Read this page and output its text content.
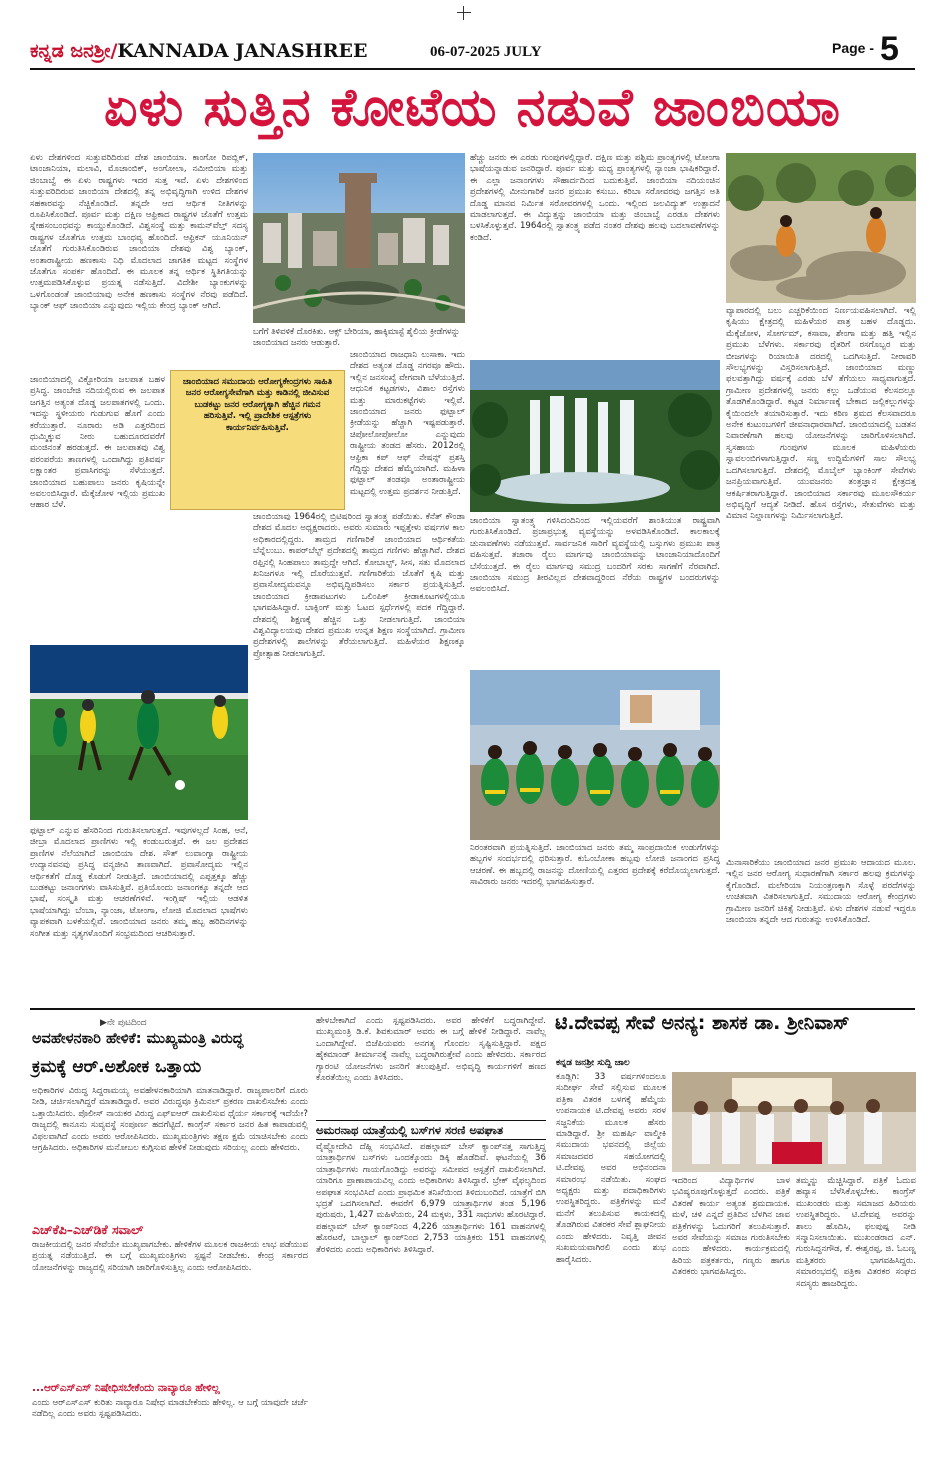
ಕನ್ನಡ ಜನಶ್ರೀ/KANNADA JANASHREE	06-07-2025 JULY	Page - 5
ಏಳು ಸುತ್ತಿನ ಕೋಟೆಯ ನಡುವೆ ಜಾಂಬಿಯಾ
ಏಳು ದೇಶಗಳಿಂದ ಸುತ್ತುವರಿದಿರುವ ದೇಶ ಜಾಂಬಿಯಾ. ಕಾಂಗೋ ರಿಪಬ್ಲಿಕ್, ಟಾಂಜಾನಿಯಾ, ಮಲಾವಿ, ಮೊಜಾಂಬಿಕ್, ಅಂಗೋಲಾ, ನಮೀಬಿಯಾ ಮತ್ತು ಜಿಂಬಾಬ್ವೆ ಈ ಏಳು ರಾಷ್ಟ್ರಗಳು ಇದರ ಸುತ್ತ ಇವೆ. ಏಳು ದೇಶಗಳಿಂದ ಸುತ್ತುವರಿದಿರುವ ಜಾಂಬಿಯಾ ದೇಶದಲ್ಲಿ ತನ್ನ ಅಭಿವೃದ್ಧಿಗಾಗಿ ಉಳಿದ ದೇಶಗಳ ಸಹಕಾರವನ್ನು ನೆಚ್ಚಿಕೊಂಡಿದೆ. ತನ್ನದೇ ಆದ ಆರ್ಥಿಕ ನೀತಿಗಳನ್ನು ರೂಪಿಸಿಕೊಂಡಿದೆ. ಪೂರ್ವ ಮತ್ತು ದಕ್ಷಿಣ ಆಫ್ರಿಕಾದ ರಾಷ್ಟ್ರಗಳ ಜೊತೆಗೆ ಉತ್ತಮ ಸ್ನೇಹಸಂಬಂಧವನ್ನು ಕಾಯ್ದುಕೊಂಡಿದೆ. ವಿಶ್ವಸಂಸ್ಥೆ ಮತ್ತು ಕಾಮನ್‌ವೆಲ್ತ್ ಸದಸ್ಯ ರಾಷ್ಟ್ರಗಳ ಜೊತೆಗೂ ಉತ್ತಮ ಬಾಂಧವ್ಯ ಹೊಂದಿದೆ. ಆಫ್ರಿಕನ್ ಯೂನಿಯನ್ ಜೊತೆಗೆ ಗುರುತಿಸಿಕೊಂಡಿರುವ ಜಾಂಬಿಯಾ ದೇಶವು ವಿಶ್ವ ಬ್ಯಾಂಕ್, ಅಂತಾರಾಷ್ಟ್ರೀಯ ಹಣಕಾಸು ನಿಧಿ ಮೊದಲಾದ ಜಾಗತಿಕ ಮಟ್ಟದ ಸಂಸ್ಥೆಗಳ ಜೊತೆಗೂ ಸಂಪರ್ಕ ಹೊಂದಿದೆ. ಈ ಮೂಲಕ ತನ್ನ ಆರ್ಥಿಕ ಸ್ಥಿತಿಗತಿಯನ್ನು ಉತ್ತಮಪಡಿಸಿಕೊಳ್ಳುವ ಪ್ರಯತ್ನ ನಡೆಸುತ್ತಿದೆ. ವಿದೇಶೀ ಬ್ಯಾಂಕುಗಳನ್ನು ಒಳಗೊಂಡಂತೆ ಜಾಂಬಿಯಾವು ಅನೇಕ ಹಣಕಾಸು ಸಂಸ್ಥೆಗಳ ನೆರವು ಪಡೆದಿದೆ. ಬ್ಯಾಂಕ್ ಆಫ್ ಜಾಂಬಿಯಾ ಎನ್ನುವುದು ಇಲ್ಲಿಯ ಕೇಂದ್ರ ಬ್ಯಾಂಕ್ ಆಗಿದೆ.
ಜಾಂಬಿಯಾದಲ್ಲಿ ವಿಕ್ಟೋರಿಯಾ ಜಲಪಾತ ಬಹಳ ಪ್ರಸಿದ್ಧ. ಜಾಂಬೇಜಿ ನದಿಯಲ್ಲಿರುವ ಈ ಜಲಪಾತ ಜಗತ್ತಿನ ಅತ್ಯಂತ ದೊಡ್ಡ ಜಲಪಾತಗಳಲ್ಲಿ ಒಂದು. ಇದನ್ನು ಸ್ಥಳೀಯರು ಗುಡುಗುವ ಹೊಗೆ ಎಂದು ಕರೆಯುತ್ತಾರೆ. ನೂರಾರು ಅಡಿ ಎತ್ತರದಿಂದ ಧುಮ್ಮಿಕ್ಕುವ ನೀರು ಬಹುದೂರದವರೆಗೆ ಮಂಜಿನಂತೆ ಹರಡುತ್ತದೆ. ಈ ಜಲಪಾತವು ವಿಶ್ವ ಪರಂಪರೆಯ ತಾಣಗಳಲ್ಲಿ ಒಂದಾಗಿದ್ದು ಪ್ರತಿವರ್ಷ ಲಕ್ಷಾಂತರ ಪ್ರವಾಸಿಗರನ್ನು ಸೆಳೆಯುತ್ತದೆ. ಜಾಂಬಿಯಾದ ಬಹುಪಾಲು ಜನರು ಕೃಷಿಯನ್ನೇ ಅವಲಂಬಿಸಿದ್ದಾರೆ. ಮೆಕ್ಕೆಜೋಳ ಇಲ್ಲಿಯ ಪ್ರಮುಖ ಆಹಾರ ಬೆಳೆ.
ಜಾಂಬಿಯಾದ ಸಮುದಾಯ ಆರೋಗ್ಯಕೇಂದ್ರಗಳು ಸಾಹಿತಿ ಜನರ ಆರೋಗ್ಯಸೇವೆಗಾಗಿ ಮತ್ತು ಕಾಡಿನಲ್ಲಿ ಜೀವಿಸುವ ಬುಡಕಟ್ಟು ಜನರ ಆರೋಗ್ಯಕ್ಕಾಗಿ ಹೆಚ್ಚಿನ ಗಮನ ಹರಿಸುತ್ತಿವೆ. ಇಲ್ಲಿ ಪ್ರಾದೇಶಿಕ ಆಸ್ಪತ್ರೆಗಳು ಕಾರ್ಯನಿರ್ವಹಿಸುತ್ತಿವೆ.
ಫುಟ್ಬಾಲ್ ಎನ್ನುವ ಹೆಸರಿನಿಂದ ಗುರುತಿಸಲಾಗುತ್ತದೆ. ಇವುಗಳಲ್ಲದೆ ಸಿಂಹ, ಆನೆ, ಜೀಬ್ರಾ ಮೊದಲಾದ ಪ್ರಾಣಿಗಳು ಇಲ್ಲಿ ಕಂಡುಬರುತ್ತವೆ. ಈ ಜಲ ಪ್ರದೇಶದ ಪ್ರಾಣಿಗಳ ನೆಲೆಯಾಗಿದೆ ಜಾಂಬಿಯಾ ದೇಶ. ಸೌತ್ ಲುವಾಂಗ್ವಾ ರಾಷ್ಟ್ರೀಯ ಉದ್ಯಾನವನವು ಪ್ರಸಿದ್ಧ ವನ್ಯಜೀವಿ ತಾಣವಾಗಿದೆ. ಪ್ರವಾಸೋದ್ಯಮ ಇಲ್ಲಿನ ಆರ್ಥಿಕತೆಗೆ ದೊಡ್ಡ ಕೊಡುಗೆ ನೀಡುತ್ತಿದೆ. ಜಾಂಬಿಯಾದಲ್ಲಿ ಎಪ್ಪತ್ತಕ್ಕೂ ಹೆಚ್ಚು ಬುಡಕಟ್ಟು ಜನಾಂಗಗಳು ವಾಸಿಸುತ್ತಿವೆ. ಪ್ರತಿಯೊಂದು ಜನಾಂಗಕ್ಕೂ ತನ್ನದೇ ಆದ ಭಾಷೆ, ಸಂಸ್ಕೃತಿ ಮತ್ತು ಆಚರಣೆಗಳಿವೆ. ಇಂಗ್ಲಿಷ್ ಇಲ್ಲಿಯ ಆಡಳಿತ ಭಾಷೆಯಾಗಿದ್ದು ಬೆಂಬಾ, ನ್ಯಾಂಜಾ, ಟೋಂಗಾ, ಲೋಜಿ ಮೊದಲಾದ ಭಾಷೆಗಳು ವ್ಯಾಪಕವಾಗಿ ಬಳಕೆಯಲ್ಲಿವೆ. ಜಾಂಬಿಯಾದ ಜನರು ತಮ್ಮ ಹಬ್ಬ ಹರಿದಿನಗಳನ್ನು ಸಂಗೀತ ಮತ್ತು ನೃತ್ಯಗಳೊಂದಿಗೆ ಸಂಭ್ರಮದಿಂದ ಆಚರಿಸುತ್ತಾರೆ.
ಬಗೆಗೆ ತಿಳಿವಳಿಕೆ ದೊರಕಿತು. ಆಕ್ಸ್ ಬೇರಿಯಾ, ಹಾಕ್ಕಿಮಾಸ್ಟೆ ಶೈಲಿಯ ಕ್ರೀಡೆಗಳನ್ನು ಜಾಂಬಿಯಾದ ಜನರು ಆಡುತ್ತಾರೆ.
ಜಾಂಬಿಯಾದ ರಾಜಧಾನಿ ಲುಸಾಕಾ. ಇದು ದೇಶದ ಅತ್ಯಂತ ದೊಡ್ಡ ನಗರವೂ ಹೌದು. ಇಲ್ಲಿನ ಜನಸಂಖ್ಯೆ ವೇಗವಾಗಿ ಬೆಳೆಯುತ್ತಿದೆ. ಆಧುನಿಕ ಕಟ್ಟಡಗಳು, ವಿಶಾಲ ರಸ್ತೆಗಳು ಮತ್ತು ಮಾರುಕಟ್ಟೆಗಳು ಇಲ್ಲಿವೆ. ಜಾಂಬಿಯಾದ ಜನರು ಫುಟ್ಬಾಲ್ ಕ್ರೀಡೆಯನ್ನು ಹೆಚ್ಚಾಗಿ ಇಷ್ಟಪಡುತ್ತಾರೆ. ಚಿಪೋಲೋಪೋಲೋ ಎನ್ನುವುದು ರಾಷ್ಟ್ರೀಯ ತಂಡದ ಹೆಸರು. 2012ರಲ್ಲಿ ಆಫ್ರಿಕಾ ಕಪ್ ಆಫ್ ನೇಷನ್ಸ್ ಪ್ರಶಸ್ತಿ ಗೆದ್ದಿದ್ದು ದೇಶದ ಹೆಮ್ಮೆಯಾಗಿದೆ. ಮಹಿಳಾ ಫುಟ್ಬಾಲ್ ತಂಡವೂ ಅಂತಾರಾಷ್ಟ್ರೀಯ ಮಟ್ಟದಲ್ಲಿ ಉತ್ತಮ ಪ್ರದರ್ಶನ ನೀಡುತ್ತಿದೆ.
ಜಾಂಬಿಯಾವು 1964ರಲ್ಲಿ ಬ್ರಿಟಿಷರಿಂದ ಸ್ವಾತಂತ್ರ್ಯ ಪಡೆಯಿತು. ಕೆನೆತ್ ಕೌಂಡಾ ದೇಶದ ಮೊದಲ ಅಧ್ಯಕ್ಷರಾದರು. ಅವರು ಸುಮಾರು ಇಪ್ಪತ್ತೇಳು ವರ್ಷಗಳ ಕಾಲ ಅಧಿಕಾರದಲ್ಲಿದ್ದರು. ತಾಮ್ರದ ಗಣಿಗಾರಿಕೆ ಜಾಂಬಿಯಾದ ಆರ್ಥಿಕತೆಯ ಬೆನ್ನೆಲುಬು. ಕಾಪರ್‌ಬೆಲ್ಟ್ ಪ್ರದೇಶದಲ್ಲಿ ತಾಮ್ರದ ಗಣಿಗಳು ಹೆಚ್ಚಾಗಿವೆ. ದೇಶದ ರಫ್ತಿನಲ್ಲಿ ಸಿಂಹಪಾಲು ತಾಮ್ರದ್ದೇ ಆಗಿದೆ. ಕೋಬಾಲ್ಟ್, ಸೀಸ, ಸತು ಮೊದಲಾದ ಖನಿಜಗಳೂ ಇಲ್ಲಿ ದೊರೆಯುತ್ತವೆ. ಗಣಿಗಾರಿಕೆಯ ಜೊತೆಗೆ ಕೃಷಿ ಮತ್ತು ಪ್ರವಾಸೋದ್ಯಮವನ್ನೂ ಅಭಿವೃದ್ಧಿಪಡಿಸಲು ಸರ್ಕಾರ ಪ್ರಯತ್ನಿಸುತ್ತಿದೆ. ಜಾಂಬಿಯಾದ ಕ್ರೀಡಾಪಟುಗಳು ಒಲಿಂಪಿಕ್ ಕ್ರೀಡಾಕೂಟಗಳಲ್ಲಿಯೂ ಭಾಗವಹಿಸಿದ್ದಾರೆ. ಬಾಕ್ಸಿಂಗ್ ಮತ್ತು ಓಟದ ಸ್ಪರ್ಧೆಗಳಲ್ಲಿ ಪದಕ ಗೆದ್ದಿದ್ದಾರೆ. ದೇಶದಲ್ಲಿ ಶಿಕ್ಷಣಕ್ಕೆ ಹೆಚ್ಚಿನ ಒತ್ತು ನೀಡಲಾಗುತ್ತಿದೆ. ಜಾಂಬಿಯಾ ವಿಶ್ವವಿದ್ಯಾಲಯವು ದೇಶದ ಪ್ರಮುಖ ಉನ್ನತ ಶಿಕ್ಷಣ ಸಂಸ್ಥೆಯಾಗಿದೆ. ಗ್ರಾಮೀಣ ಪ್ರದೇಶಗಳಲ್ಲಿ ಶಾಲೆಗಳನ್ನು ತೆರೆಯಲಾಗುತ್ತಿದೆ. ಮಹಿಳೆಯರ ಶಿಕ್ಷಣಕ್ಕೂ ಪ್ರೋತ್ಸಾಹ ನೀಡಲಾಗುತ್ತಿದೆ.
ಹೆಚ್ಚು ಜನರು ಈ ಎರಡು ಗುಂಪುಗಳಲ್ಲಿದ್ದಾರೆ. ದಕ್ಷಿಣ ಮತ್ತು ಪಶ್ಚಿಮ ಪ್ರಾಂತ್ಯಗಳಲ್ಲಿ ಟೋಂಗಾ ಭಾಷೆಯನ್ನಾಡುವ ಜನರಿದ್ದಾರೆ. ಪೂರ್ವ ಮತ್ತು ಮಧ್ಯ ಪ್ರಾಂತ್ಯಗಳಲ್ಲಿ ನ್ಯಾಂಜಾ ಭಾಷಿಕರಿದ್ದಾರೆ. ಈ ಎಲ್ಲಾ ಜನಾಂಗಗಳು ಸೌಹಾರ್ದದಿಂದ ಬದುಕುತ್ತಿವೆ. ಜಾಂಬಿಯಾ ನದಿಯಂಚಿನ ಪ್ರದೇಶಗಳಲ್ಲಿ ಮೀನುಗಾರಿಕೆ ಜನರ ಪ್ರಮುಖ ಕಸುಬು. ಕರಿಬಾ ಸರೋವರವು ಜಗತ್ತಿನ ಅತಿ ದೊಡ್ಡ ಮಾನವ ನಿರ್ಮಿತ ಸರೋವರಗಳಲ್ಲಿ ಒಂದು. ಇಲ್ಲಿಂದ ಜಲವಿದ್ಯುತ್ ಉತ್ಪಾದನೆ ಮಾಡಲಾಗುತ್ತದೆ. ಈ ವಿದ್ಯುತ್ತನ್ನು ಜಾಂಬಿಯಾ ಮತ್ತು ಜಿಂಬಾಬ್ವೆ ಎರಡೂ ದೇಶಗಳು ಬಳಸಿಕೊಳ್ಳುತ್ತವೆ. 1964ರಲ್ಲಿ ಸ್ವಾತಂತ್ರ್ಯ ಪಡೆದ ನಂತರ ದೇಶವು ಹಲವು ಬದಲಾವಣೆಗಳನ್ನು ಕಂಡಿದೆ.
ಜಾಂಬಿಯಾ ಸ್ವಾತಂತ್ರ್ಯ ಗಳಿಸಿದಂದಿನಿಂದ ಇಲ್ಲಿಯವರೆಗೆ ಶಾಂತಿಯುತ ರಾಷ್ಟ್ರವಾಗಿ ಗುರುತಿಸಿಕೊಂಡಿದೆ. ಪ್ರಜಾಪ್ರಭುತ್ವ ವ್ಯವಸ್ಥೆಯನ್ನು ಅಳವಡಿಸಿಕೊಂಡಿದೆ. ಕಾಲಕಾಲಕ್ಕೆ ಚುನಾವಣೆಗಳು ನಡೆಯುತ್ತವೆ. ಸಾರ್ವಜನಿಕ ಸಾರಿಗೆ ವ್ಯವಸ್ಥೆಯಲ್ಲಿ ಬಸ್ಸುಗಳು ಪ್ರಮುಖ ಪಾತ್ರ ವಹಿಸುತ್ತವೆ. ತಜಾರಾ ರೈಲು ಮಾರ್ಗವು ಜಾಂಬಿಯಾವನ್ನು ಟಾಂಜಾನಿಯಾದೊಂದಿಗೆ ಬೆಸೆಯುತ್ತದೆ. ಈ ರೈಲು ಮಾರ್ಗವು ಸಮುದ್ರ ಬಂದರಿಗೆ ಸರಕು ಸಾಗಣೆಗೆ ನೆರವಾಗಿದೆ. ಜಾಂಬಿಯಾ ಸಮುದ್ರ ತೀರವಿಲ್ಲದ ದೇಶವಾದ್ದರಿಂದ ನೆರೆಯ ರಾಷ್ಟ್ರಗಳ ಬಂದರುಗಳನ್ನು ಅವಲಂಬಿಸಿದೆ.
ನಿರಂತರವಾಗಿ ಪ್ರಯತ್ನಿಸುತ್ತಿದೆ. ಜಾಂಬಿಯಾದ ಜನರು ತಮ್ಮ ಸಾಂಪ್ರದಾಯಿಕ ಉಡುಗೆಗಳನ್ನು ಹಬ್ಬಗಳ ಸಂದರ್ಭದಲ್ಲಿ ಧರಿಸುತ್ತಾರೆ. ಕುಓಂಬೋಕಾ ಹಬ್ಬವು ಲೋಜಿ ಜನಾಂಗದ ಪ್ರಸಿದ್ಧ ಆಚರಣೆ. ಈ ಹಬ್ಬದಲ್ಲಿ ರಾಜನನ್ನು ದೋಣಿಯಲ್ಲಿ ಎತ್ತರದ ಪ್ರದೇಶಕ್ಕೆ ಕರೆದೊಯ್ಯಲಾಗುತ್ತದೆ. ಸಾವಿರಾರು ಜನರು ಇದರಲ್ಲಿ ಭಾಗವಹಿಸುತ್ತಾರೆ.
ವ್ಯಾಪಾರದಲ್ಲಿ ಬಲು ಎಚ್ಚರಿಕೆಯಿಂದ ನಿರ್ಣಯವಹಿಸಲಾಗಿದೆ. ಇಲ್ಲಿ ಕೃಷಿಯು ಕ್ಷೇತ್ರದಲ್ಲಿ ಮಹಿಳೆಯರ ಪಾತ್ರ ಬಹಳ ದೊಡ್ಡದು. ಮೆಕ್ಕೆಜೋಳ, ಸೋರ್ಗಮ್, ಕಸಾವಾ, ಶೇಂಗಾ ಮತ್ತು ಹತ್ತಿ ಇಲ್ಲಿನ ಪ್ರಮುಖ ಬೆಳೆಗಳು. ಸರ್ಕಾರವು ರೈತರಿಗೆ ರಸಗೊಬ್ಬರ ಮತ್ತು ಬೀಜಗಳನ್ನು ರಿಯಾಯಿತಿ ದರದಲ್ಲಿ ಒದಗಿಸುತ್ತಿದೆ. ನೀರಾವರಿ ಸೌಲಭ್ಯಗಳನ್ನು ವಿಸ್ತರಿಸಲಾಗುತ್ತಿದೆ. ಜಾಂಬಿಯಾದ ಮಣ್ಣು ಫಲವತ್ತಾಗಿದ್ದು ವರ್ಷಕ್ಕೆ ಎರಡು ಬೆಳೆ ತೆಗೆಯಲು ಸಾಧ್ಯವಾಗುತ್ತದೆ. ಗ್ರಾಮೀಣ ಪ್ರದೇಶಗಳಲ್ಲಿ ಜನರು ಕಲ್ಲು ಒಡೆಯುವ ಕೆಲಸದಲ್ಲೂ ತೊಡಗಿಕೊಂಡಿದ್ದಾರೆ. ಕಟ್ಟಡ ನಿರ್ಮಾಣಕ್ಕೆ ಬೇಕಾದ ಜಲ್ಲಿಕಲ್ಲುಗಳನ್ನು ಕೈಯಿಂದಲೇ ತಯಾರಿಸುತ್ತಾರೆ. ಇದು ಕಠಿಣ ಶ್ರಮದ ಕೆಲಸವಾದರೂ ಅನೇಕ ಕುಟುಂಬಗಳಿಗೆ ಜೀವನಾಧಾರವಾಗಿದೆ. ಜಾಂಬಿಯಾದಲ್ಲಿ ಬಡತನ ನಿವಾರಣೆಗಾಗಿ ಹಲವು ಯೋಜನೆಗಳನ್ನು ಜಾರಿಗೊಳಿಸಲಾಗಿದೆ. ಸ್ವಸಹಾಯ ಗುಂಪುಗಳ ಮೂಲಕ ಮಹಿಳೆಯರು ಸ್ವಾವಲಂಬಿಗಳಾಗುತ್ತಿದ್ದಾರೆ. ಸಣ್ಣ ಉದ್ದಿಮೆಗಳಿಗೆ ಸಾಲ ಸೌಲಭ್ಯ ಒದಗಿಸಲಾಗುತ್ತಿದೆ. ದೇಶದಲ್ಲಿ ಮೊಬೈಲ್ ಬ್ಯಾಂಕಿಂಗ್ ಸೇವೆಗಳು ಜನಪ್ರಿಯವಾಗುತ್ತಿವೆ. ಯುವಜನರು ತಂತ್ರಜ್ಞಾನ ಕ್ಷೇತ್ರದತ್ತ ಆಕರ್ಷಿತರಾಗುತ್ತಿದ್ದಾರೆ. ಜಾಂಬಿಯಾದ ಸರ್ಕಾರವು ಮೂಲಸೌಕರ್ಯ ಅಭಿವೃದ್ಧಿಗೆ ಆದ್ಯತೆ ನೀಡಿದೆ. ಹೊಸ ರಸ್ತೆಗಳು, ಸೇತುವೆಗಳು ಮತ್ತು ವಿಮಾನ ನಿಲ್ದಾಣಗಳನ್ನು ನಿರ್ಮಿಸಲಾಗುತ್ತಿದೆ.
ಮಿನಾಸಾರಿಕೆಯು ಜಾಂಬಿಯಾದ ಜನರ ಪ್ರಮುಖ ಆದಾಯದ ಮೂಲ. ಇಲ್ಲಿನ ಜನರ ಆರೋಗ್ಯ ಸುಧಾರಣೆಗಾಗಿ ಸರ್ಕಾರ ಹಲವು ಕ್ರಮಗಳನ್ನು ಕೈಗೊಂಡಿದೆ. ಮಲೇರಿಯಾ ನಿಯಂತ್ರಣಕ್ಕಾಗಿ ಸೊಳ್ಳೆ ಪರದೆಗಳನ್ನು ಉಚಿತವಾಗಿ ವಿತರಿಸಲಾಗುತ್ತಿದೆ. ಸಮುದಾಯ ಆರೋಗ್ಯ ಕೇಂದ್ರಗಳು ಗ್ರಾಮೀಣ ಜನರಿಗೆ ಚಿಕಿತ್ಸೆ ನೀಡುತ್ತಿವೆ. ಏಳು ದೇಶಗಳ ನಡುವೆ ಇದ್ದರೂ ಜಾಂಬಿಯಾ ತನ್ನದೇ ಆದ ಗುರುತನ್ನು ಉಳಿಸಿಕೊಂಡಿದೆ.
▶ನೇ ಪುಟದಿಂದ
ಅವಹೇಳನಕಾರಿ ಹೇಳಿಕೆ: ಮುಖ್ಯಮಂತ್ರಿ ವಿರುದ್ಧ
ಕ್ರಮಕ್ಕೆ ಆರ್.ಅಶೋಕ ಒತ್ತಾಯ
ಅಧಿಕಾರಿಗಳ ವಿರುದ್ಧ ಸಿದ್ದರಾಮಯ್ಯ ಅವಹೇಳನಕಾರಿಯಾಗಿ ಮಾತನಾಡಿದ್ದಾರೆ. ರಾಜ್ಯಪಾಲರಿಗೆ ದೂರು ನೀಡಿ, ಚರ್ಚಿಸಲಾಗಿದ್ದರೆ ಮಾತಾಡಿದ್ದಾರೆ. ಅವರ ವಿರುದ್ಧವೂ ಕ್ರಿಮಿನಲ್ ಪ್ರಕರಣ ದಾಖಲಿಸಬೇಕು ಎಂದು ಒತ್ತಾಯಿಸಿದರು. ಪೊಲೀಸ್ ನಾಯಕರ ವಿರುದ್ಧ ಎಫ್‌ಐಆರ್ ದಾಖಲಿಸುವ ಧೈರ್ಯ ಸರ್ಕಾರಕ್ಕೆ ಇದೆಯೇ? ರಾಜ್ಯದಲ್ಲಿ ಕಾನೂನು ಸುವ್ಯವಸ್ಥೆ ಸಂಪೂರ್ಣ ಹದಗೆಟ್ಟಿದೆ. ಕಾಂಗ್ರೆಸ್ ಸರ್ಕಾರ ಜನರ ಹಿತ ಕಾಪಾಡುವಲ್ಲಿ ವಿಫಲವಾಗಿದೆ ಎಂದು ಅವರು ಆರೋಪಿಸಿದರು. ಮುಖ್ಯಮಂತ್ರಿಗಳು ತಕ್ಷಣ ಕ್ಷಮೆ ಯಾಚಿಸಬೇಕು ಎಂದು ಆಗ್ರಹಿಸಿದರು. ಅಧಿಕಾರಿಗಳ ಮನೋಬಲ ಕುಗ್ಗಿಸುವ ಹೇಳಿಕೆ ನೀಡುವುದು ಸರಿಯಲ್ಲ ಎಂದು ಹೇಳಿದರು.
ಎಚ್‌ಕೆಪಿ–ಎಚ್‌ಡಿಕೆ ಸವಾಲ್
ರಾಜಕೀಯದಲ್ಲಿ ಜನರ ಸೇವೆಯೇ ಮುಖ್ಯವಾಗಬೇಕು. ಹೇಳಿಕೆಗಳ ಮೂಲಕ ರಾಜಕೀಯ ಲಾಭ ಪಡೆಯುವ ಪ್ರಯತ್ನ ನಡೆಯುತ್ತಿದೆ. ಈ ಬಗ್ಗೆ ಮುಖ್ಯಮಂತ್ರಿಗಳು ಸ್ಪಷ್ಟನೆ ನೀಡಬೇಕು. ಕೇಂದ್ರ ಸರ್ಕಾರದ ಯೋಜನೆಗಳನ್ನು ರಾಜ್ಯದಲ್ಲಿ ಸರಿಯಾಗಿ ಜಾರಿಗೊಳಿಸುತ್ತಿಲ್ಲ ಎಂದು ಆರೋಪಿಸಿದರು.
...ಆರ್‌ಎಸ್‌ಎಸ್ ನಿಷೇಧಿಸಬೇಕೆಂದು ನಾವ್ಯಾರೂ ಹೇಳಿಲ್ಲ
ಎಂದು ಆರ್‌ಎಸ್‌ಎಸ್ ಕುರಿತು ನಾವ್ಯಾರೂ ನಿಷೇಧ ಮಾಡಬೇಕೆಂದು ಹೇಳಿಲ್ಲ. ಆ ಬಗ್ಗೆ ಯಾವುದೇ ಚರ್ಚೆ ನಡೆದಿಲ್ಲ ಎಂದು ಅವರು ಸ್ಪಷ್ಟಪಡಿಸಿದರು.
ಹೇಳಬೇಕಾಗಿದೆ ಎಂದು ಸ್ಪಷ್ಟಪಡಿಸಿದರು. ಅವರ ಹೇಳಿಕೆಗೆ ಬದ್ಧರಾಗಿದ್ದೇವೆ. ಮುಖ್ಯಮಂತ್ರಿ ಡಿ.ಕೆ. ಶಿವಕುಮಾರ್ ಅವರು ಈ ಬಗ್ಗೆ ಹೇಳಿಕೆ ನೀಡಿದ್ದಾರೆ. ನಾವೆಲ್ಲ ಒಂದಾಗಿದ್ದೇವೆ. ಬಿಜೆಪಿಯವರು ಅನಗತ್ಯ ಗೊಂದಲ ಸೃಷ್ಟಿಸುತ್ತಿದ್ದಾರೆ. ಪಕ್ಷದ ಹೈಕಮಾಂಡ್ ತೀರ್ಮಾನಕ್ಕೆ ನಾವೆಲ್ಲ ಬದ್ಧರಾಗಿರುತ್ತೇವೆ ಎಂದು ಹೇಳಿದರು. ಸರ್ಕಾರದ ಗ್ಯಾರಂಟಿ ಯೋಜನೆಗಳು ಜನರಿಗೆ ತಲುಪುತ್ತಿವೆ. ಅಭಿವೃದ್ಧಿ ಕಾರ್ಯಗಳಿಗೆ ಹಣದ ಕೊರತೆಯಿಲ್ಲ ಎಂದು ತಿಳಿಸಿದರು.
ಅಮರನಾಥ ಯಾತ್ರೆಯಲ್ಲಿ ಬಸ್‌ಗಳ ಸರಣಿ ಅಪಘಾತ
ವೈಷ್ಣೋದೇವಿ ದೆಹ್ಲಿ ಸಂಭವಿಸಿದೆ. ಪಹಲ್ಗಾಮ್ ಬೇಸ್ ಕ್ಯಾಂಪ್‌ನತ್ತ ಸಾಗುತ್ತಿದ್ದ ಯಾತ್ರಾರ್ಥಿಗಳ ಬಸ್‌ಗಳು ಒಂದಕ್ಕೊಂದು ಡಿಕ್ಕಿ ಹೊಡೆದಿವೆ. ಘಟನೆಯಲ್ಲಿ 36 ಯಾತ್ರಾರ್ಥಿಗಳು ಗಾಯಗೊಂಡಿದ್ದು ಅವರನ್ನು ಸಮೀಪದ ಆಸ್ಪತ್ರೆಗೆ ದಾಖಲಿಸಲಾಗಿದೆ. ಯಾರಿಗೂ ಪ್ರಾಣಾಪಾಯವಿಲ್ಲ ಎಂದು ಅಧಿಕಾರಿಗಳು ತಿಳಿಸಿದ್ದಾರೆ. ಬ್ರೇಕ್ ವೈಫಲ್ಯದಿಂದ ಅಪಘಾತ ಸಂಭವಿಸಿದೆ ಎಂದು ಪ್ರಾಥಮಿಕ ತನಿಖೆಯಿಂದ ತಿಳಿದುಬಂದಿದೆ. ಯಾತ್ರೆಗೆ ಬಿಗಿ ಭದ್ರತೆ ಒದಗಿಸಲಾಗಿದೆ. ಈವರೆಗೆ 6,979 ಯಾತ್ರಾರ್ಥಿಗಳ ತಂಡ 5,196 ಪುರುಷರು, 1,427 ಮಹಿಳೆಯರು, 24 ಮಕ್ಕಳು, 331 ಸಾಧುಗಳು ಹೊರಟಿದ್ದಾರೆ. ಪಹಲ್ಗಾಮ್ ಬೇಸ್ ಕ್ಯಾಂಪ್‌ನಿಂದ 4,226 ಯಾತ್ರಾರ್ಥಿಗಳು 161 ವಾಹನಗಳಲ್ಲಿ ಹೊರಟರೆ, ಬಾಲ್ಟಾಲ್ ಕ್ಯಾಂಪ್‌ನಿಂದ 2,753 ಯಾತ್ರಿಕರು 151 ವಾಹನಗಳಲ್ಲಿ ತೆರಳಿದರು ಎಂದು ಅಧಿಕಾರಿಗಳು ತಿಳಿಸಿದ್ದಾರೆ.
ಟಿ.ದೇವಪ್ಪ ಸೇವೆ ಅನನ್ಯ: ಶಾಸಕ ಡಾ. ಶ್ರೀನಿವಾಸ್
ಕನ್ನಡ ಜನಶ್ರೀ ಸುದ್ದಿ ಜಾಲ
ಕೂಡ್ಲಿಗಿ: 33 ವರ್ಷಗಳಿಂದಲೂ ಸುದೀರ್ಘ ಸೇವೆ ಸಲ್ಲಿಸುವ ಮೂಲಕ ಪತ್ರಿಕಾ ವಿತರಕ ಬಳಗಕ್ಕೆ ಹೆಮ್ಮೆಯ ಉಪನಾಯಕ ಟಿ.ದೇವಪ್ಪ ಅವರು ಸರಳ ಸಜ್ಜನಿಕೆಯ ಮೂಲಕ ಹೆಸರು ಮಾಡಿದ್ದಾರೆ. ಶ್ರೀ ಮಹರ್ಷಿ ವಾಲ್ಮೀಕಿ ಸಮುದಾಯ ಭವನದಲ್ಲಿ ಜಿಲ್ಲೆಯ ಸಮಾಜದವರ ಸಹಯೋಗದಲ್ಲಿ ಟಿ.ದೇವಪ್ಪ ಅವರ ಅಭಿನಂದನಾ ಸಮಾರಂಭ ನಡೆಯಿತು. ಸಂಘದ ಅಧ್ಯಕ್ಷರು ಮತ್ತು ಪದಾಧಿಕಾರಿಗಳು ಉಪಸ್ಥಿತರಿದ್ದರು. ಪತ್ರಿಕೆಗಳನ್ನು ಮನೆ ಮನೆಗೆ ತಲುಪಿಸುವ ಕಾಯಕದಲ್ಲಿ ತೊಡಗಿರುವ ವಿತರಕರ ಸೇವೆ ಶ್ಲಾಘನೀಯ ಎಂದು ಹೇಳಿದರು. ನಿವೃತ್ತಿ ಜೀವನ ಸುಖಮಯವಾಗಿರಲಿ ಎಂದು ಶುಭ ಹಾರೈಸಿದರು.
ಇದರಿಂದ ವಿದ್ಯಾರ್ಥಿಗಳ ಬಾಳ ಭವಿಷ್ಯರೂಪುಗೊಳ್ಳುತ್ತದೆ ಎಂದರು. ಪತ್ರಿಕೆ ವಿತರಣೆ ಕಾರ್ಯ ಅತ್ಯಂತ ಶ್ರಮದಾಯಕ. ಮಳೆ, ಚಳಿ ಎನ್ನದೆ ಪ್ರತಿದಿನ ಬೆಳಗಿನ ಜಾವ ಪತ್ರಿಕೆಗಳನ್ನು ಓದುಗರಿಗೆ ತಲುಪಿಸುತ್ತಾರೆ. ಅವರ ಸೇವೆಯನ್ನು ಸಮಾಜ ಗುರುತಿಸಬೇಕು ಎಂದು ಹೇಳಿದರು. ಕಾರ್ಯಕ್ರಮದಲ್ಲಿ ಹಿರಿಯ ಪತ್ರಕರ್ತರು, ಗಣ್ಯರು ಹಾಗೂ ವಿತರಕರು ಭಾಗವಹಿಸಿದ್ದರು.
ತಮ್ಮನ್ನು ಮೆಚ್ಚಿಸಿದ್ದಾರೆ. ಪತ್ರಿಕೆ ಓದುವ ಹವ್ಯಾಸ ಬೆಳೆಸಿಕೊಳ್ಳಬೇಕು. ಕಾಂಗ್ರೆಸ್ ಮುಖಂಡರು ಮತ್ತು ಸಮಾಜದ ಹಿರಿಯರು ಉಪಸ್ಥಿತರಿದ್ದರು. ಟಿ.ದೇವಪ್ಪ ಅವರನ್ನು ಶಾಲು ಹೊದಿಸಿ, ಫಲಪುಷ್ಪ ನೀಡಿ ಸನ್ಮಾನಿಸಲಾಯಿತು. ಮುಖಂಡರಾದ ಎನ್. ಗುರುಸಿದ್ದನಗೌಡ, ಕೆ. ಈಶ್ವರಪ್ಪ, ಜಿ. ಓಬಣ್ಣ ಮತ್ತಿತರರು ಭಾಗವಹಿಸಿದ್ದರು. ಸಮಾರಂಭದಲ್ಲಿ ಪತ್ರಿಕಾ ವಿತರಕರ ಸಂಘದ ಸದಸ್ಯರು ಹಾಜರಿದ್ದರು.
